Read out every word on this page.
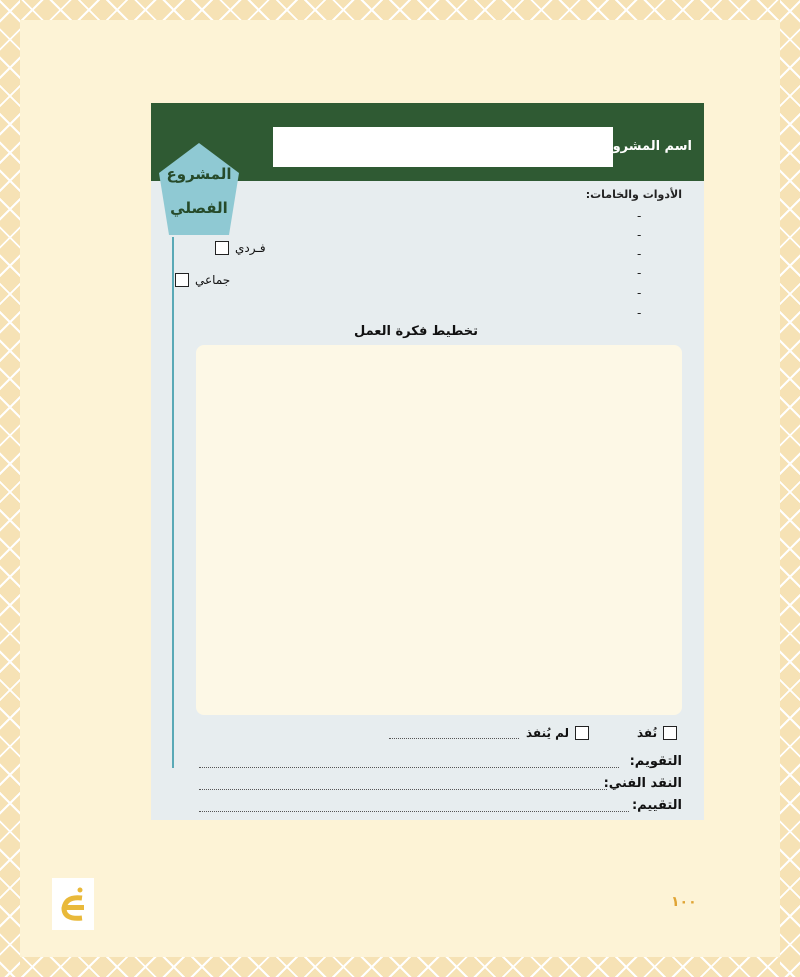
اسم المشروع
المشروع
الفصلي
فـردي
جماعي
الأدوات والخامات:
-
-
-
-
-
-
تخطيط فكرة العمل
نُفذ
لم يُنفذ
التقويم:
النقد الفني:
التقييم:
١٠٠
